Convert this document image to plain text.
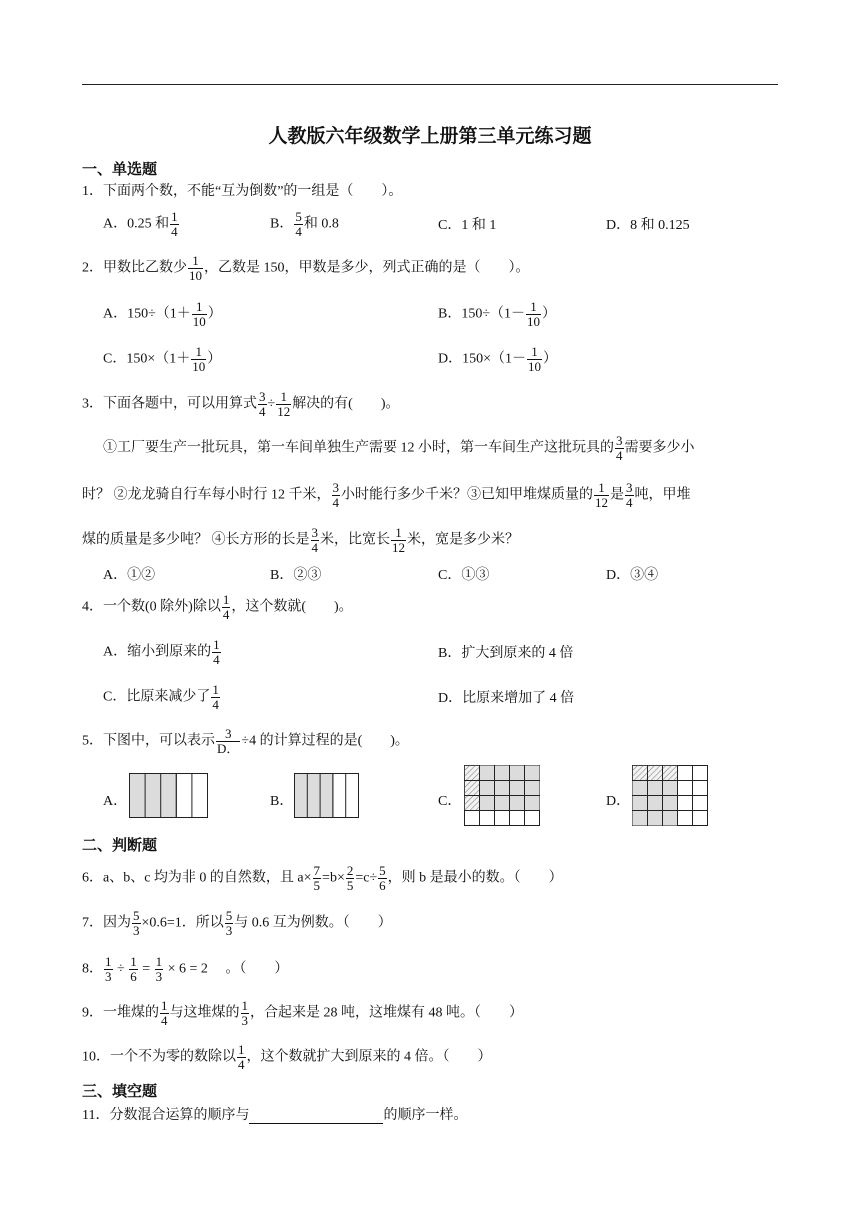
人教版六年级数学上册第三单元练习题
一、单选题
1．下面两个数，不能“互为倒数”的一组是（　　）。
A．0.25 和 $\frac{1}{4}$	B． $\frac{5}{4}$ 和 0.8	C．1 和 1	D．8 和 0.125
2．甲数比乙数少 $\frac{1}{10}$ ，乙数是 150，甲数是多少，列式正确的是（　　）。
A．$150\div(1+ \frac{1}{10}$ ）	B．$150\div(1- \frac{1}{10}$ ）
C．$150\times(1+ \frac{1}{10}$ ）	D．$150\times(1- \frac{1}{10}$ ）
3．下面各题中，可以用算式 $\frac{3}{4} \div \frac{1}{12}$ 解决的有(　　)。
①工厂要生产一批玩具，第一车间单独生产需要 12 小时，第一车间生产这批玩具的 $\frac{3}{4}$ 需要多少小
时？ ②龙龙骑自行车每小时行 12 千米， $\frac{3}{4}$ 小时能行多少千米？③已知甲堆煤质量的 $\frac{1}{12}$ 是 $\frac{3}{4}$ 吨，甲堆
煤的质量是多少吨？ ④长方形的长是 $\frac{3}{4}$ 米，比宽长 $\frac{1}{12}$ 米，宽是多少米？
A．①②	B．②③	C．①③	D．③④
4．一个数(0 除外)除以 $\frac{1}{4}$ ，这个数就(　　)。
A．缩小到原来的 $\frac{1}{4}$	B．扩大到原来的 4 倍
C．比原来减少了 $\frac{1}{4}$	D．比原来增加了 4 倍
5．下图中，可以表示 $\frac{3}{D.} \div 4$ 的计算过程的是(　　)。
A．	B．	C．	D．
二、判断题
6．a、b、c 均为非 0 的自然数，且 $a\times \frac{7}{5} =b\times \frac{2}{5} =c\div \frac{5}{6}$ ，则 b 是最小的数。（　　）
7．因为 $\frac{5}{3} \times 0.6=1$．所以 $\frac{5}{3}$ 与 0.6 互为例数。（　　）
8． $\frac{1}{3} \div \frac{1}{6} = \frac{1}{3} \times 6 = 2$ 　。（　　）
9．一堆煤的 $\frac{1}{4}$ 与这堆煤的 $\frac{1}{3}$ ，合起来是 28 吨，这堆煤有 48 吨。（　　）
10．一个不为零的数除以 $\frac{1}{4}$ ，这个数就扩大到原来的 4 倍。（　　）
三、填空题
11．分数混合运算的顺序与	的顺序一样。
